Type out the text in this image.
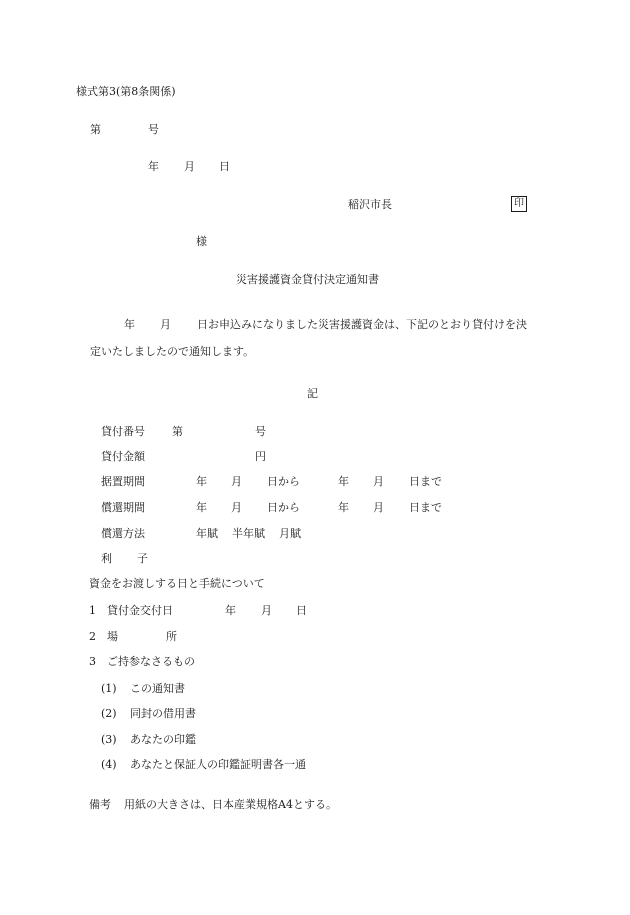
様式第3(第8条関係)
第	号
年 月 日
稲沢市長	印
様
災害援護資金貸付決定通知書
年 月 日お申込みになりました災害援護資金は、下記のとおり貸付けを決
定いたしましたので通知します。
記
貸付番号 第	号
貸付金額	円
据置期間	年 月 日から	年 月 日まで
償還期間	年 月 日から	年 月 日まで
償還方法	年賦 半年賦 月賦
利 子
資金をお渡しする日と手続について
1 貸付金交付日	年 月 日
2 場	所
3 ご持参なさるもの
(1) この通知書
(2) 同封の借用書
(3) あなたの印鑑
(4) あなたと保証人の印鑑証明書各一通
備考 用紙の大きさは、日本産業規格A4とする。
